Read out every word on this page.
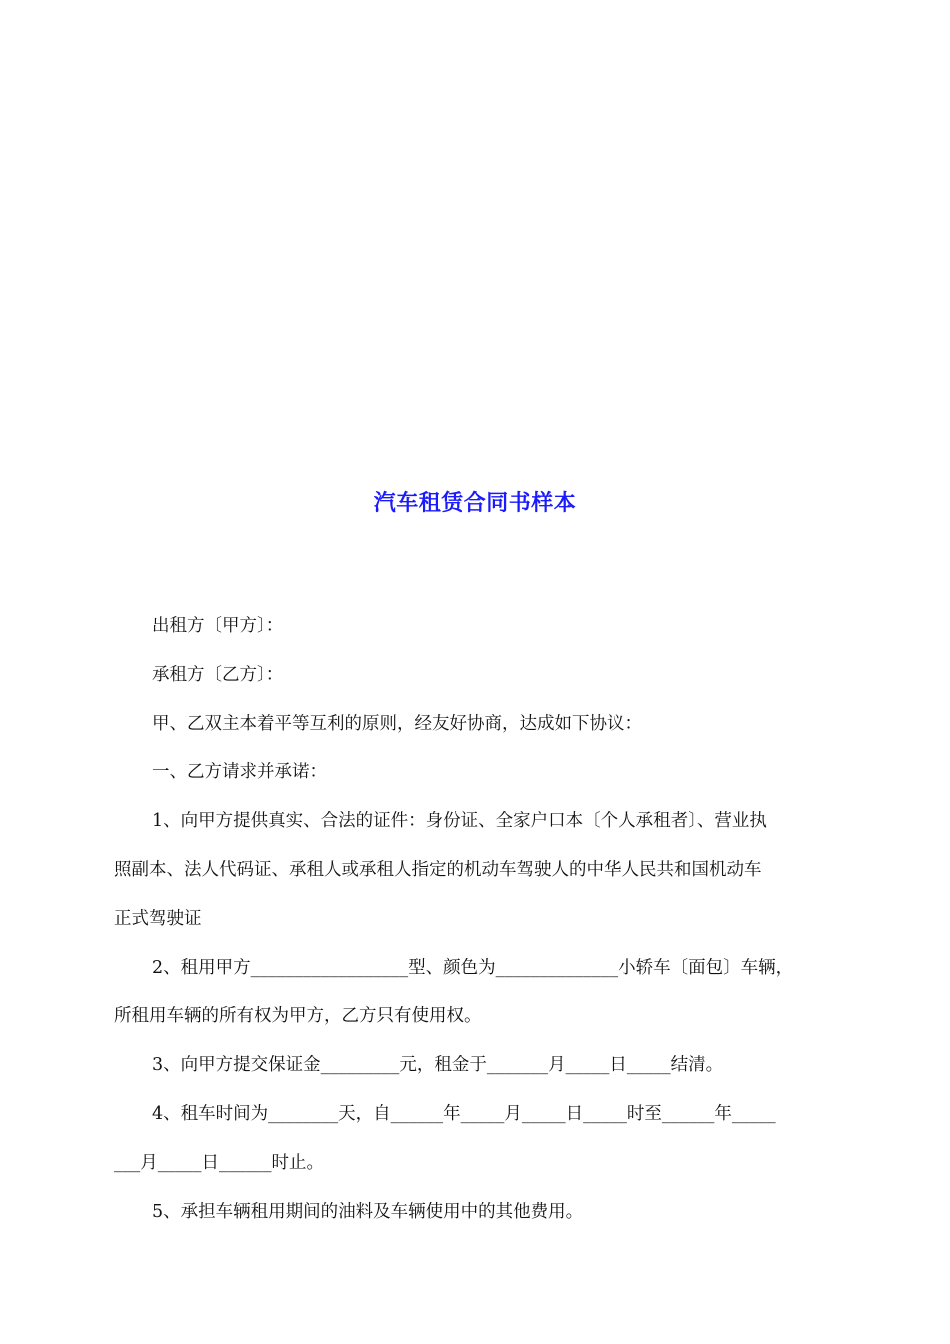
汽车租赁合同书样本
出租方〔甲方〕：
承租方〔乙方〕：
甲、乙双主本着平等互利的原则，经友好协商，达成如下协议：
一、乙方请求并承诺：
1、向甲方提供真实、合法的证件：身份证、全家户口本〔个人承租者〕、营业执
照副本、法人代码证、承租人或承租人指定的机动车驾驶人的中华人民共和国机动车
正式驾驶证
2、租用甲方__________________型、颜色为______________小轿车〔面包〕车辆，
所租用车辆的所有权为甲方，乙方只有使用权。
3、向甲方提交保证金_________元，租金于_______月_____日_____结清。
4、租车时间为________天，自______年_____月_____日_____时至______年_____
___月_____日______时止。
5、承担车辆租用期间的油料及车辆使用中的其他费用。
